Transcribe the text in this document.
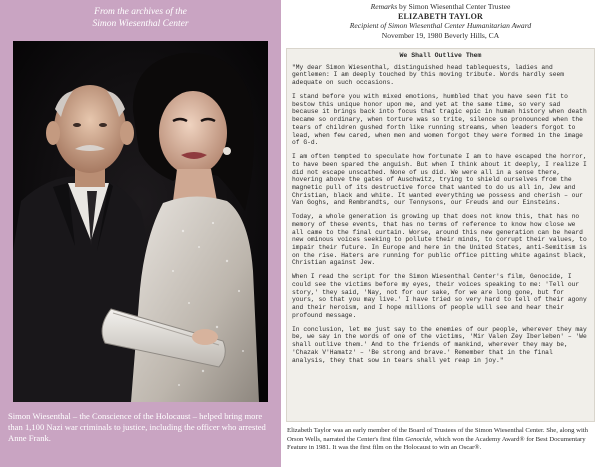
From the archives of the
Simon Wiesenthal Center
Simon Wiesenthal – the Conscience of the Holocaust – helped bring more than 1,100 Nazi war criminals to justice, including the officer who arrested Anne Frank.
Remarks by Simon Wiesenthal Center Trustee
ELIZABETH TAYLOR
Recipient of Simon Wiesenthal Center Humanitarian Award
November 19, 1980 Beverly Hills, CA
We Shall Outlive Them

"My dear Simon Wiesenthal, distinguished head tablequests, ladies and gentlemen: I am deeply touched by this moving tribute. Words hardly seem adequate on such occasions.

I stand before you with mixed emotions, humbled that you have seen fit to bestow this unique honor upon me, and yet at the same time, so very sad because it brings back into focus that tragic epic in human history when death became so ordinary, when torture was so trite, silence so pronounced when the tears of children gushed forth like running streams, when leaders forgot to lead, when few cared, when men and women forgot they were formed in the image of G-d.

I am often tempted to speculate how fortunate I am to have escaped the horror, to have been spared the anguish. But when I think about it deeply, I realize I did not escape unscathed. None of us did. We were all in a sense there, hovering above the gates of Auschwitz, trying to shield ourselves from the magnetic pull of its destructive force that wanted to do us all in, Jew and Christian, black and white. It wanted everything we possess and cherish – our Van Goghs, and Rembrandts, our Tennysons, our Freuds and our Einsteins.

Today, a whole generation is growing up that does not know this, that has no memory of these events, that has no terms of reference to know how close we all came to the final curtain. Worse, around this new generation can be heard new ominous voices seeking to pollute their minds, to corrupt their values, to impair their future. In Europe and here in the United States, anti-Semitism is on the rise. Haters are running for public office pitting white against black, Christian against Jew.

When I read the script for the Simon Wiesenthal Center's film, Genocide, I could see the victims before my eyes, their voices speaking to me: 'Tell our story,' they said, 'Nay, not for our sake, for we are long gone, but for yours, so that you may live.' I have tried so very hard to tell of their agony and their heroism, and I hope millions of people will see and hear their profound message.

In conclusion, let me just say to the enemies of our people, wherever they may be, we say in the words of one of the victims, 'Mir Valen Zey Iberleben' – 'We shall outlive them.' And to the friends of mankind, wherever they may be, 'Chazak V'Hamatz' – 'Be strong and brave.' Remember that in the final analysis, they that sow in tears shall yet reap in joy."

Elizabeth Taylor was an early member of the Board of Trustees of the Simon Wiesenthal Center. She, along with Orson Wells, narrated the Center's first film Genocide, which won the Academy Award® for Best Documentary Feature in 1981. It was the first film on the Holocaust to win an Oscar®.
